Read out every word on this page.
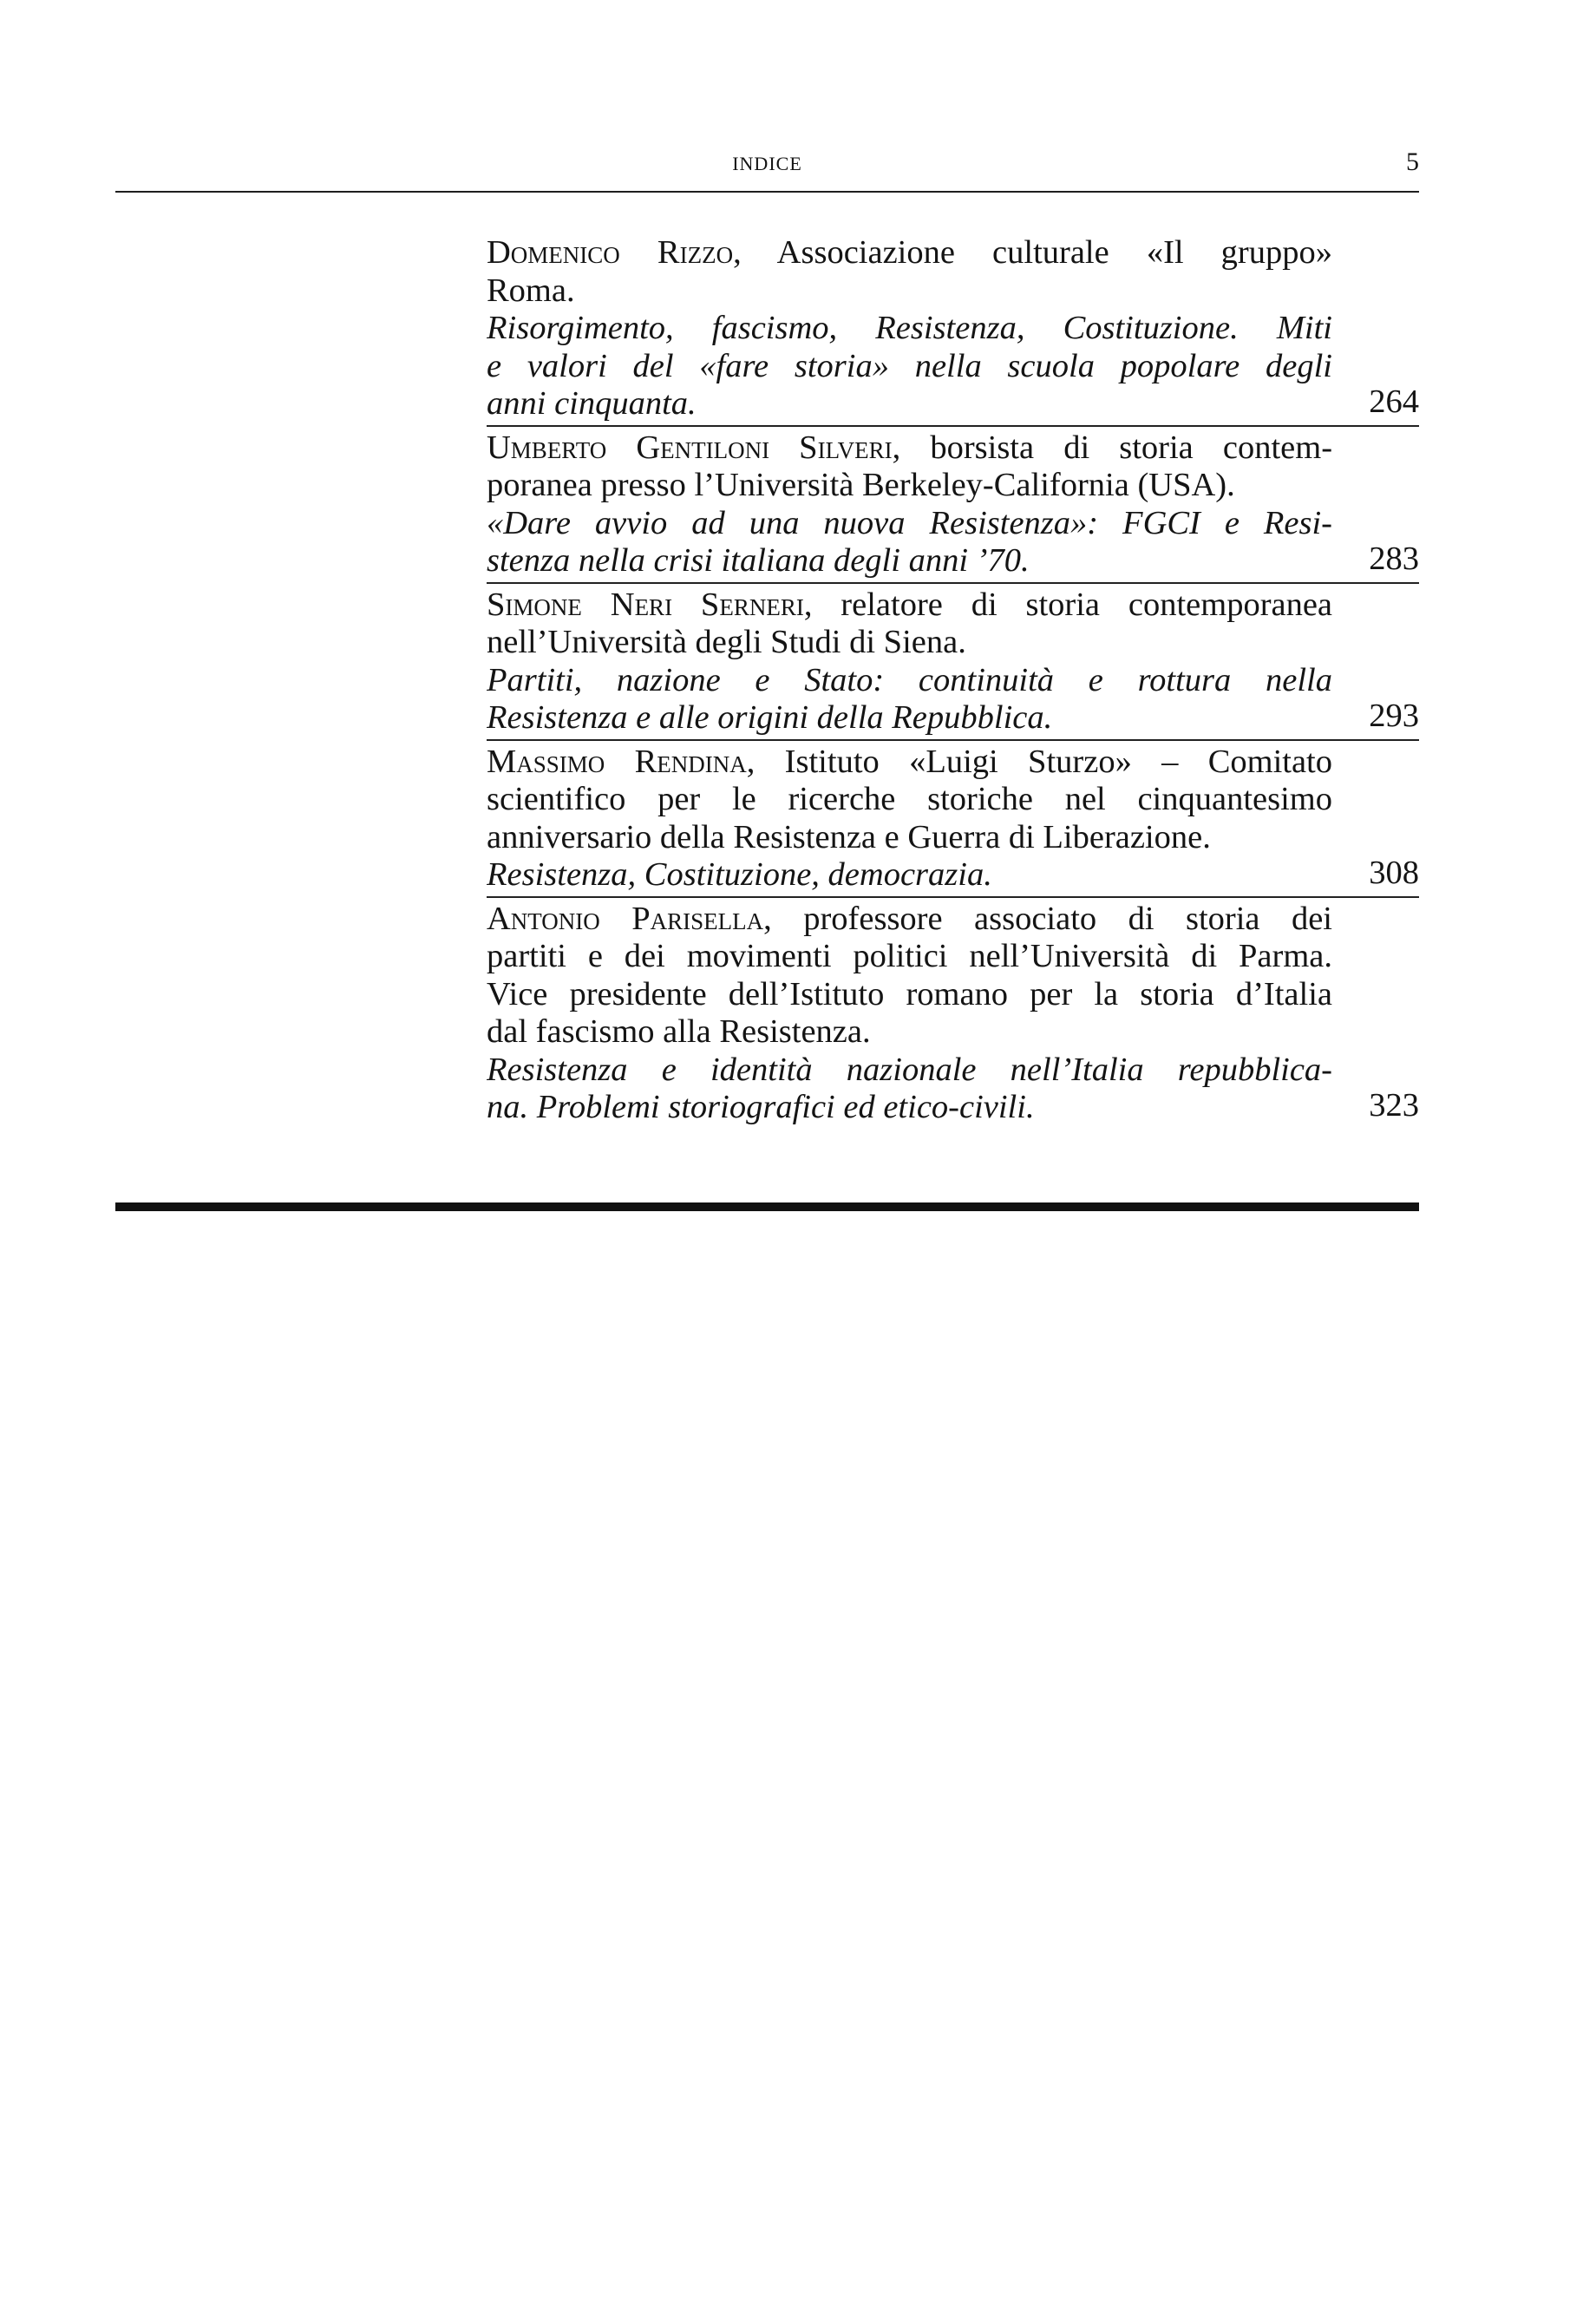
INDICE	5
Domenico Rizzo, Associazione culturale «Il gruppo»
Roma.
Risorgimento, fascismo, Resistenza, Costituzione. Miti
e valori del «fare storia» nella scuola popolare degli
anni cinquanta.	264
Umberto Gentiloni Silveri, borsista di storia contem-
poranea presso l’Università Berkeley-California (USA).
«Dare avvio ad una nuova Resistenza»: FGCI e Resi-
stenza nella crisi italiana degli anni ’70.	283
Simone Neri Serneri, relatore di storia contemporanea
nell’Università degli Studi di Siena.
Partiti, nazione e Stato: continuità e rottura nella
Resistenza e alle origini della Repubblica.	293
Massimo Rendina, Istituto «Luigi Sturzo» – Comitato
scientifico per le ricerche storiche nel cinquantesimo
anniversario della Resistenza e Guerra di Liberazione.
Resistenza, Costituzione, democrazia.	308
Antonio Parisella, professore associato di storia dei
partiti e dei movimenti politici nell’Università di Parma.
Vice presidente dell’Istituto romano per la storia d’Italia
dal fascismo alla Resistenza.
Resistenza e identità nazionale nell’Italia repubblica-
na. Problemi storiografici ed etico-civili.	323
